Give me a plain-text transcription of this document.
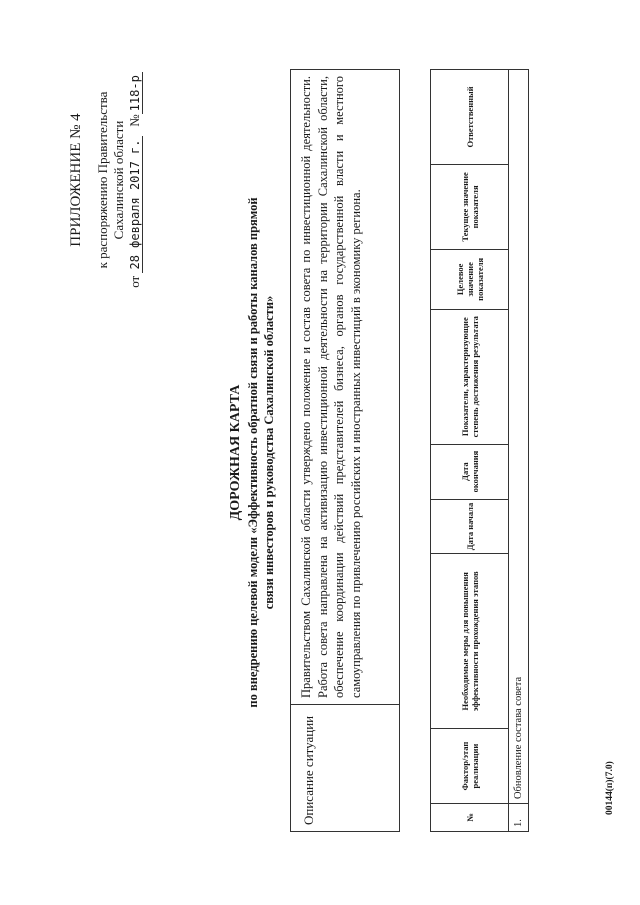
ПРИЛОЖЕНИЕ № 4 к распоряжению Правительства Сахалинской области
от 28 февраля 2017 г.   №118-р
ДОРОЖНАЯ КАРТА по внедрению целевой модели «Эффективность обратной связи и работы каналов прямой связи инвесторов и руководства Сахалинской области»
Описание ситуации
Правительством Сахалинской области утверждено положение и состав совета по инвестиционной деятельности. Работа совета направлена на активизацию инвестиционной деятельности на территории Сахалинской области, обеспечение координации действий представителей бизнеса, органов государственной власти и местного самоуправления по привлечению российских и иностранных инвестиций в экономику региона.
№	Фактор/этап реализации	Необходимые меры для повышения эффективности прохождения этапов	Дата начала	Дата окончания	Показатели, характеризующие степень достижения результата	Целевое значение показателя	Текущее значение показателя	Ответственный
1.	Обновление состава совета								00144(п)(7.0)
